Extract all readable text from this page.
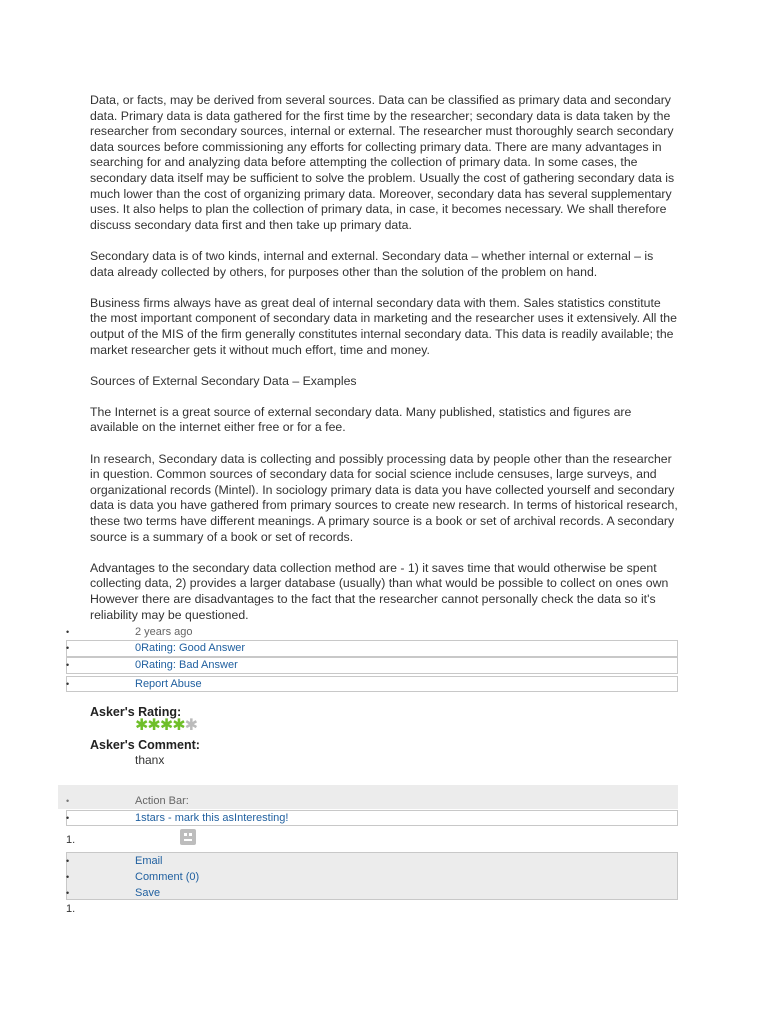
Data, or facts, may be derived from several sources. Data can be classified as primary data and secondary data. Primary data is data gathered for the first time by the researcher; secondary data is data taken by the researcher from secondary sources, internal or external. The researcher must thoroughly search secondary data sources before commissioning any efforts for collecting primary data. There are many advantages in searching for and analyzing data before attempting the collection of primary data. In some cases, the secondary data itself may be sufficient to solve the problem. Usually the cost of gathering secondary data is much lower than the cost of organizing primary data. Moreover, secondary data has several supplementary uses. It also helps to plan the collection of primary data, in case, it becomes necessary. We shall therefore discuss secondary data first and then take up primary data.

Secondary data is of two kinds, internal and external. Secondary data – whether internal or external – is data already collected by others, for purposes other than the solution of the problem on hand.

Business firms always have as great deal of internal secondary data with them. Sales statistics constitute the most important component of secondary data in marketing and the researcher uses it extensively. All the output of the MIS of the firm generally constitutes internal secondary data. This data is readily available; the market researcher gets it without much effort, time and money.

Sources of External Secondary Data – Examples

The Internet is a great source of external secondary data. Many published, statistics and figures are available on the internet either free or for a fee.

In research, Secondary data is collecting and possibly processing data by people other than the researcher in question. Common sources of secondary data for social science include censuses, large surveys, and organizational records (Mintel). In sociology primary data is data you have collected yourself and secondary data is data you have gathered from primary sources to create new research. In terms of historical research, these two terms have different meanings. A primary source is a book or set of archival records. A secondary source is a summary of a book or set of records.

Advantages to the secondary data collection method are - 1) it saves time that would otherwise be spent collecting data, 2) provides a larger database (usually) than what would be possible to collect on ones own However there are disadvantages to the fact that the researcher cannot personally check the data so it's reliability may be questioned.

•	2 years ago
•	0Rating: Good Answer
•	0Rating: Bad Answer
•	Report Abuse
Asker's Rating:
✱✱✱✱✱
Asker's Comment:
thanx
•	Action Bar:
•	1stars - mark this asInteresting!
1.
•	Email
•	Comment (0)
•	Save
1.
